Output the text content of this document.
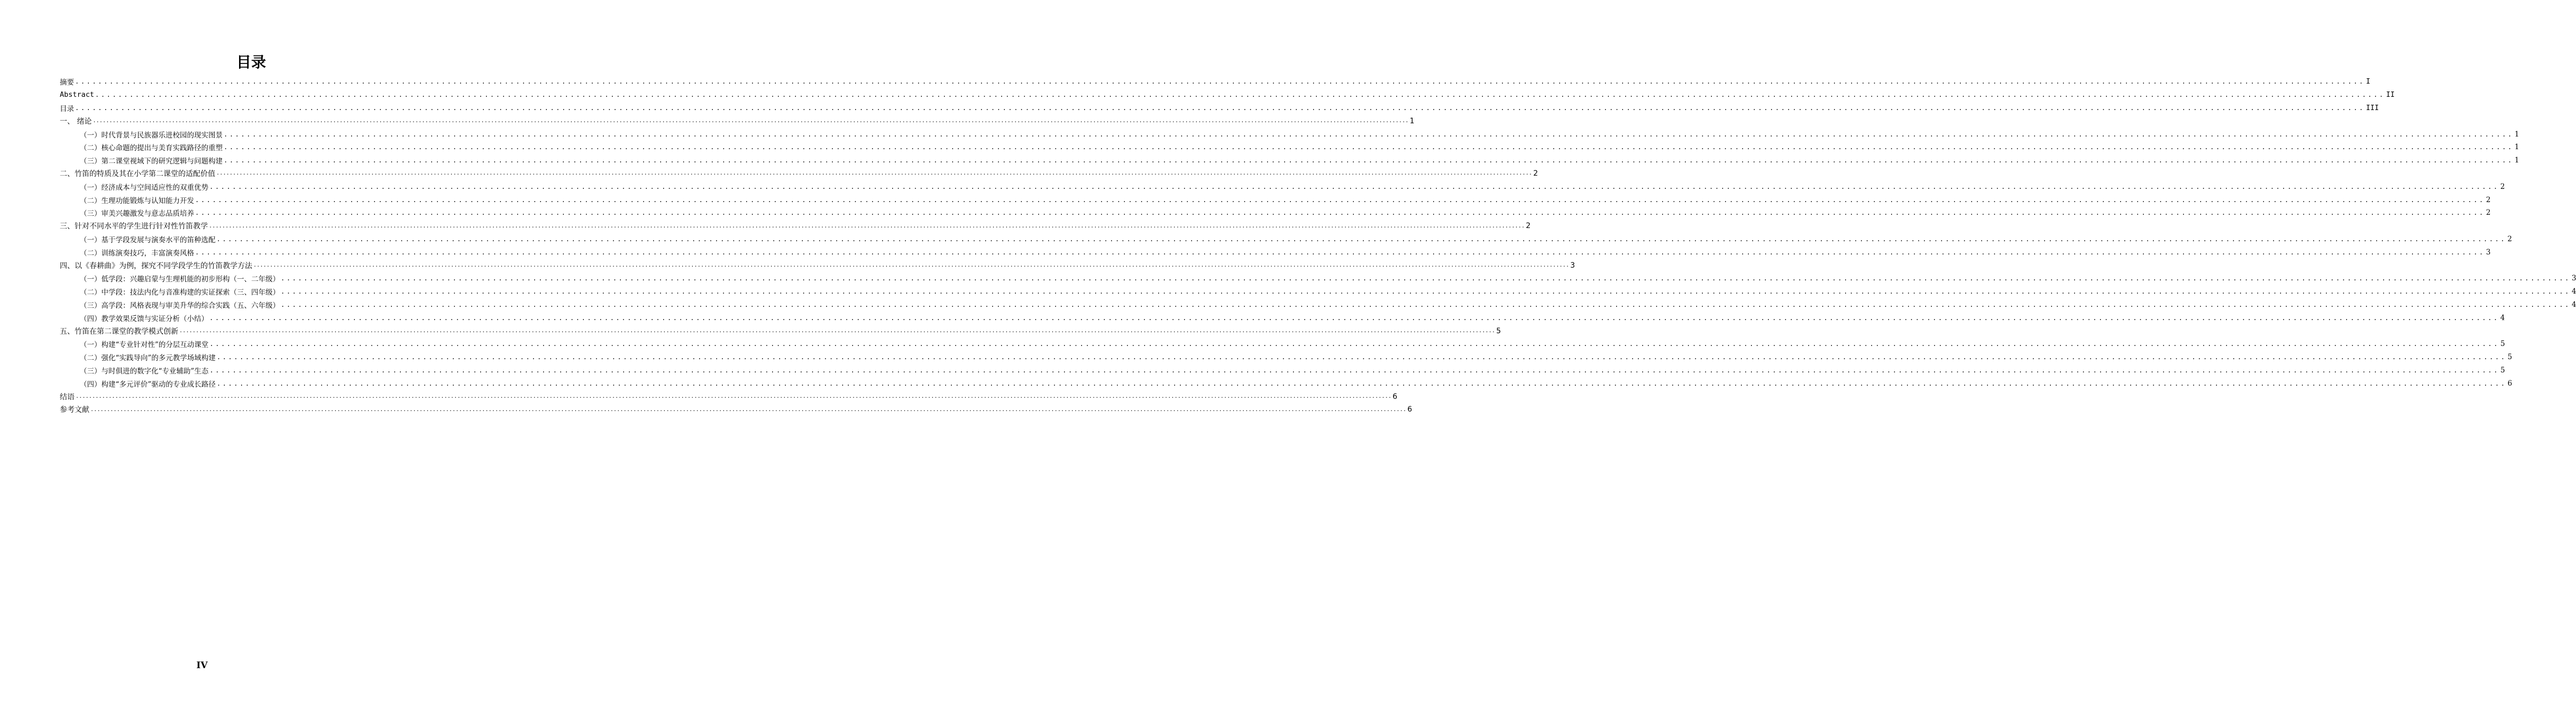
目录
摘要 ................................................................................................................................................................................................................................................................................................................................................................................................................ I
Abstract ................................................................................................................................................................................................................................................................................................................................................................................................................ II
目录 ................................................................................................................................................................................................................................................................................................................................................................................................................ III
一、 绪论 ................................................................................................................................................................................................................................................................................................................................................................................................................ 1
（一）时代背景与民族器乐进校园的现实图景 ................................................................................................................................................................................................................................................................................................................................................................................................................ 1
（二）核心命题的提出与美育实践路径的重塑 ................................................................................................................................................................................................................................................................................................................................................................................................................ 1
（三）第二课堂视域下的研究逻辑与问题构建 ................................................................................................................................................................................................................................................................................................................................................................................................................ 1
二、竹笛的特质及其在小学第二课堂的适配价值 ................................................................................................................................................................................................................................................................................................................................................................................................................ 2
（一）经济成本与空间适应性的双重优势 ................................................................................................................................................................................................................................................................................................................................................................................................................ 2
（二）生理功能锻炼与认知能力开发 ................................................................................................................................................................................................................................................................................................................................................................................................................ 2
（三）审美兴趣激发与意志品质培养 ................................................................................................................................................................................................................................................................................................................................................................................................................ 2
三、针对不同水平的学生进行针对性竹笛教学 ................................................................................................................................................................................................................................................................................................................................................................................................................ 2
（一）基于学段发展与演奏水平的笛种选配 ................................................................................................................................................................................................................................................................................................................................................................................................................ 2
（二）训练演奏技巧，丰富演奏风格 ................................................................................................................................................................................................................................................................................................................................................................................................................ 3
四、以《春耕曲》为例，探究不同学段学生的竹笛教学方法 ................................................................................................................................................................................................................................................................................................................................................................................................................ 3
（一）低学段：兴趣启蒙与生理机能的初步形构（一、二年级） ................................................................................................................................................................................................................................................................................................................................................................................................................ 3
（二）中学段：技法内化与音准构建的实证探索（三、四年级） ................................................................................................................................................................................................................................................................................................................................................................................................................ 4
（三）高学段：风格表现与审美升华的综合实践（五、六年级） ................................................................................................................................................................................................................................................................................................................................................................................................................ 4
（四）教学效果反馈与实证分析（小结） ................................................................................................................................................................................................................................................................................................................................................................................................................ 4
五、竹笛在第二课堂的教学模式创新 ................................................................................................................................................................................................................................................................................................................................................................................................................ 5
（一）构建“专业针对性”的分层互动课堂 ................................................................................................................................................................................................................................................................................................................................................................................................................ 5
（二）强化“实践导向”的多元教学场域构建 ................................................................................................................................................................................................................................................................................................................................................................................................................ 5
（三）与时俱进的数字化“专业辅助”生态 ................................................................................................................................................................................................................................................................................................................................................................................................................ 5
（四）构建“多元评价”驱动的专业成长路径 ................................................................................................................................................................................................................................................................................................................................................................................................................ 6
结语 ................................................................................................................................................................................................................................................................................................................................................................................................................ 6
参考文献 ................................................................................................................................................................................................................................................................................................................................................................................................................ 6
IV
